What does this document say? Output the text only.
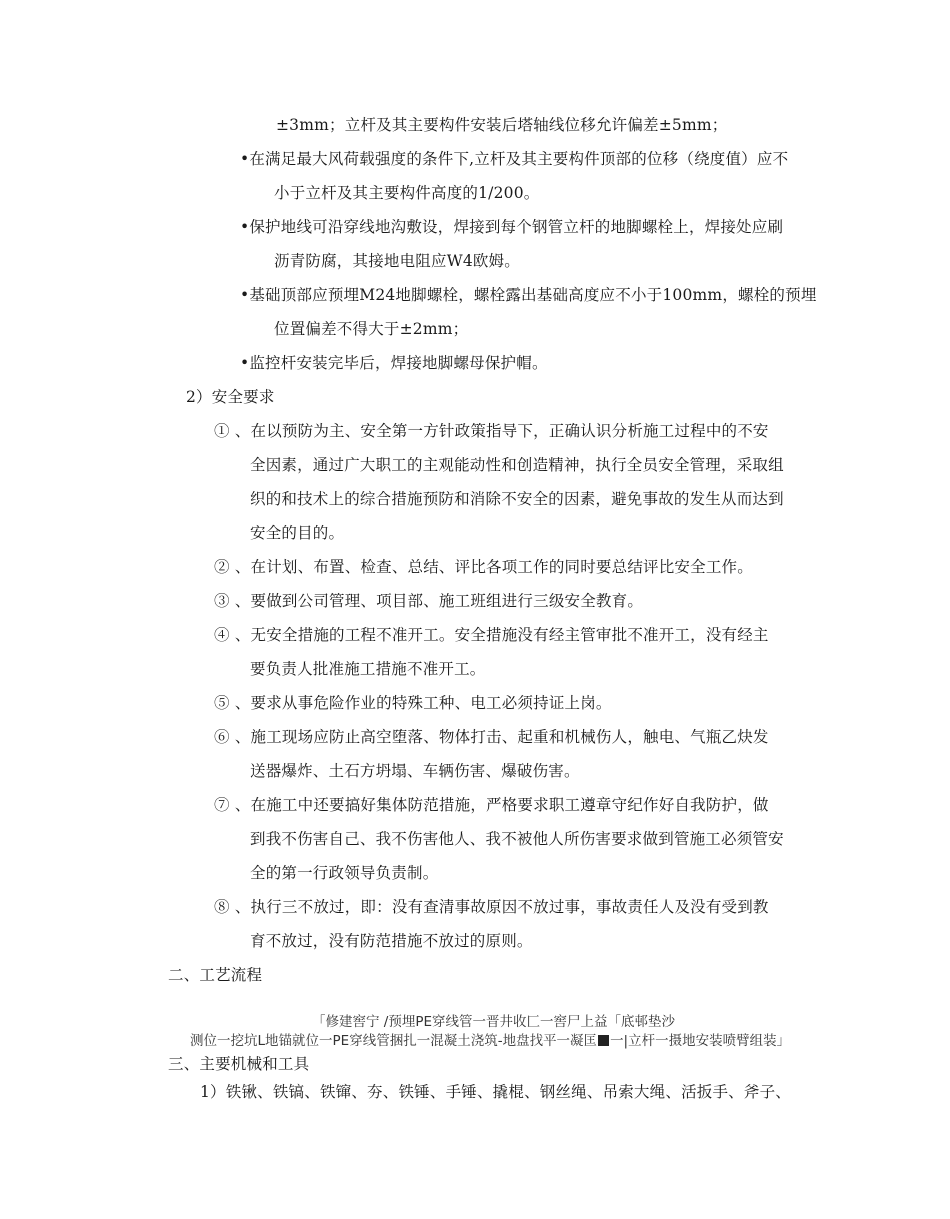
±3mm；立杆及其主要构件安装后塔轴线位移允许偏差±5mm；
•在满足最大风荷载强度的条件下,立杆及其主要构件顶部的位移（绕度值）应不
小于立杆及其主要构件高度的1/200。
•保护地线可沿穿线地沟敷设，焊接到每个钢管立杆的地脚螺栓上，焊接处应刷
沥青防腐，其接地电阻应W4欧姆。
•基础顶部应预埋M24地脚螺栓，螺栓露出基础高度应不小于100mm，螺栓的预埋
位置偏差不得大于±2mm；
•监控杆安装完毕后，焊接地脚螺母保护帽。
2）安全要求
① 、在以预防为主、安全第一方针政策指导下，正确认识分析施工过程中的不安
全因素，通过广大职工的主观能动性和创造精神，执行全员安全管理，采取组
织的和技术上的综合措施预防和消除不安全的因素，避免事故的发生从而达到
安全的目的。
② 、在计划、布置、检查、总结、评比各项工作的同时要总结评比安全工作。
③ 、要做到公司管理、项目部、施工班组进行三级安全教育。
④ 、无安全措施的工程不准开工。安全措施没有经主管审批不准开工，没有经主
要负责人批准施工措施不准开工。
⑤ 、要求从事危险作业的特殊工种、电工必须持证上岗。
⑥ 、施工现场应防止高空堕落、物体打击、起重和机械伤人，触电、气瓶乙炔发
送器爆炸、土石方坍塌、车辆伤害、爆破伤害。
⑦ 、在施工中还要搞好集体防范措施，严格要求职工遵章守纪作好自我防护，做
到我不伤害自己、我不伤害他人、我不被他人所伤害要求做到管施工必须管安
全的第一行政领导负责制。
⑧ 、执行三不放过，即：没有查清事故原因不放过事，事故责任人及没有受到教
育不放过，没有防范措施不放过的原则。
二、工艺流程
「修建窖宁 /预埋PE穿线管一晋井收匚一窖尸上益「底邨垫沙
测位一挖坑L地锚就位一PE穿线管捆扎一混凝土浇筑-地盘找平一凝匡 一|立杆一摄地安装喷臂组装」
三、主要机械和工具
1）铁锹、铁镐、铁镩、夯、铁锤、手锤、撬棍、钢丝绳、吊索大绳、活扳手、斧子、
